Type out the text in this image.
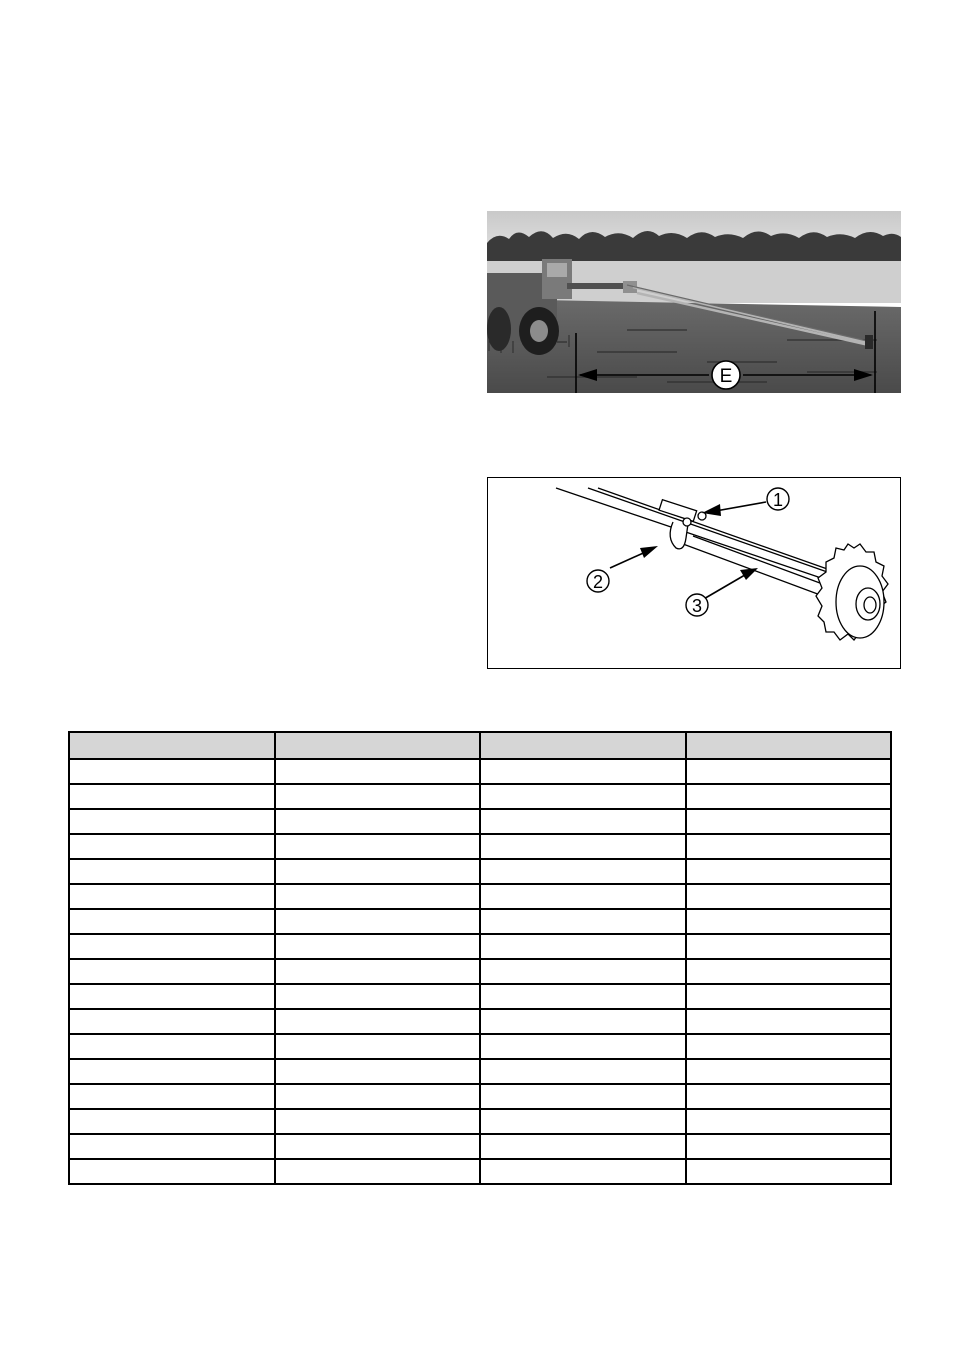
E
1
2
3
